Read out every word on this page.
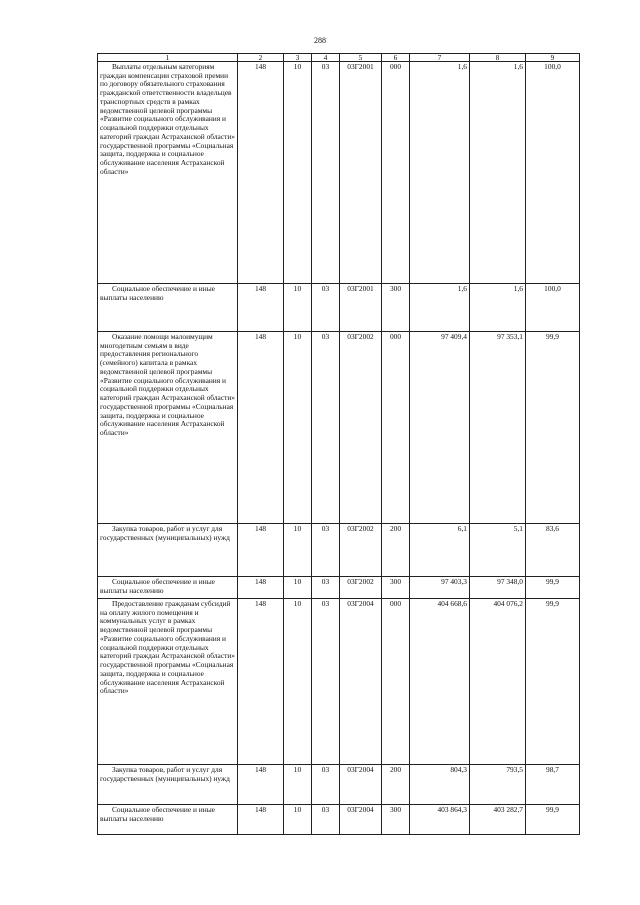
288
1	2	3	4	5	6	7	8	9
Выплаты отдельным категориям граждан компенсации страховой премии по договору обязательного страхования гражданской ответственности владельцев транспортных средств в рамках ведомственной целевой программы «Развитие социального обслуживания и социальной поддержки отдельных категорий граждан Астраханской области» государственной программы «Социальная защита, поддержка и социальное обслуживание населения Астраханской области»	148	10	03	03Г2001	000	1,6	1,6	100,0
Социальное обеспечение и иные выплаты населению	148	10	03	03Г2001	300	1,6	1,6	100,0
Оказание помощи малоимущим многодетным семьям в виде предоставления регионального (семейного) капитала в рамках ведомственной целевой программы «Развитие социального обслуживания и социальной поддержки отдельных категорий граждан Астраханской области» государственной программы «Социальная защита, поддержка и социальное обслуживание населения Астраханской области»	148	10	03	03Г2002	000	97 409,4	97 353,1	99,9
Закупка товаров, работ и услуг для государственных (муниципальных) нужд	148	10	03	03Г2002	200	6,1	5,1	83,6
Социальное обеспечение и иные выплаты населению	148	10	03	03Г2002	300	97 403,3	97 348,0	99,9
Предоставление гражданам субсидий на оплату жилого помещения и коммунальных услуг в рамках ведомственной целевой программы «Развитие социального обслуживания и социальной поддержки отдельных категорий граждан Астраханской области» государственной программы «Социальная защита, поддержка и социальное обслуживание населения Астраханской области»	148	10	03	03Г2004	000	404 668,6	404 076,2	99,9
Закупка товаров, работ и услуг для государственных (муниципальных) нужд	148	10	03	03Г2004	200	804,3	793,5	98,7
Социальное обеспечение и иные выплаты населению	148	10	03	03Г2004	300	403 864,3	403 282,7	99,9
